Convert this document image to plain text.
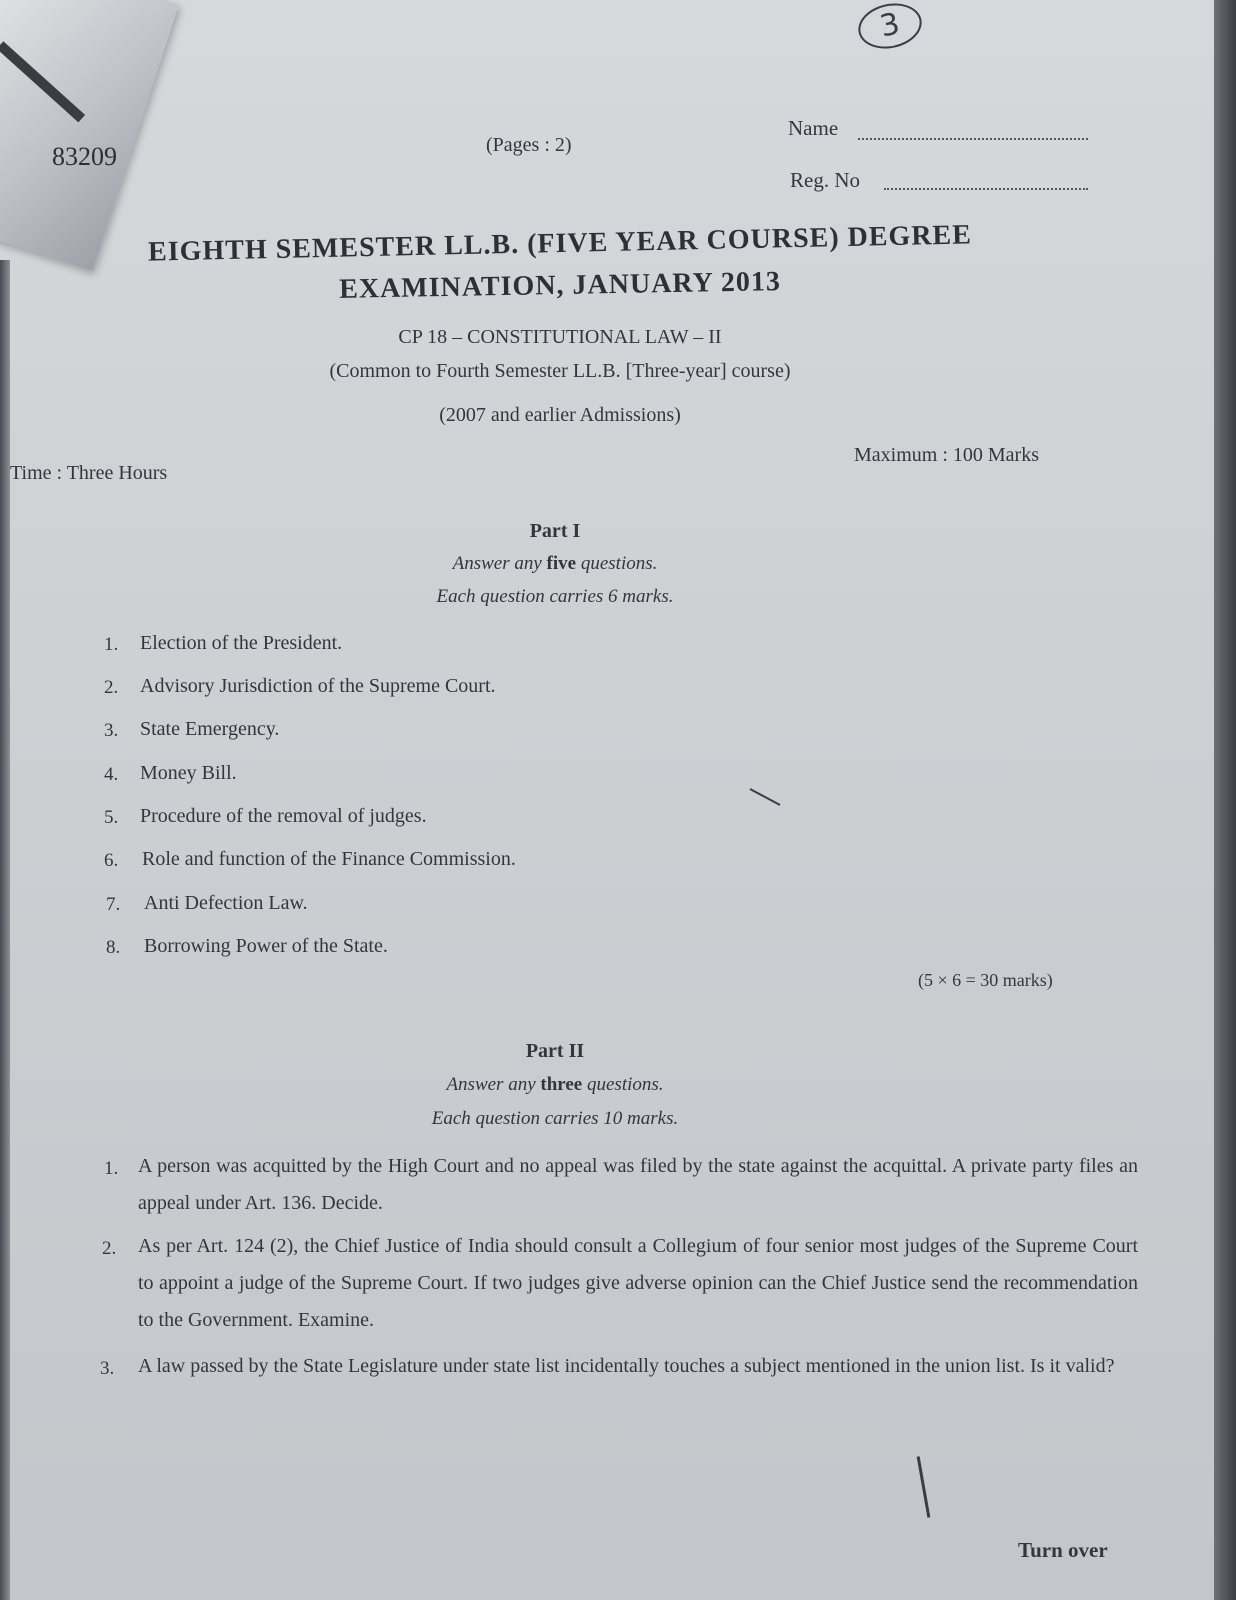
3
83209	(Pages : 2)
Name
Reg. No
EIGHTH SEMESTER LL.B. (FIVE YEAR COURSE) DEGREE
EXAMINATION, JANUARY 2013
CP 18 – CONSTITUTIONAL LAW – II
(Common to Fourth Semester LL.B. [Three-year] course)
(2007 and earlier Admissions)
Time : Three Hours
Maximum : 100 Marks
Part I
Answer any five questions.
Each question carries 6 marks.
1. Election of the President.
2. Advisory Jurisdiction of the Supreme Court.
3. State Emergency.
4. Money Bill.
5. Procedure of the removal of judges.
6. Role and function of the Finance Commission.
7. Anti Defection Law.
8. Borrowing Power of the State.
(5 × 6 = 30 marks)
Part II
Answer any three questions.
Each question carries 10 marks.
1. A person was acquitted by the High Court and no appeal was filed by the state against the acquittal. A private party files an appeal under Art. 136. Decide.
2. As per Art. 124 (2), the Chief Justice of India should consult a Collegium of four senior most judges of the Supreme Court to appoint a judge of the Supreme Court. If two judges give adverse opinion can the Chief Justice send the recommendation to the Government. Examine.
3. A law passed by the State Legislature under state list incidentally touches a subject mentioned in the union list. Is it valid?
Turn over
